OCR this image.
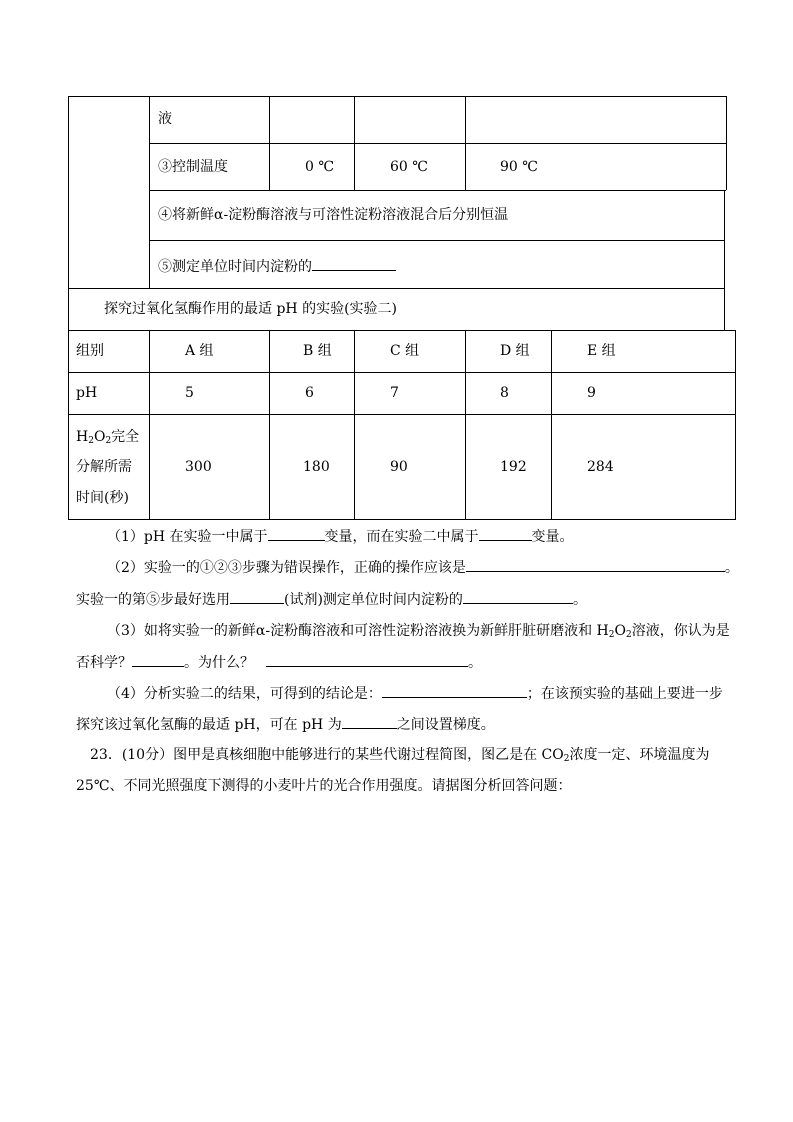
液
③控制温度	0 ℃	60 ℃	90 ℃
④将新鲜α-淀粉酶溶液与可溶性淀粉溶液混合后分别恒温
⑤测定单位时间内淀粉的
探究过氧化氢酶作用的最适 pH 的实验(实验二)
组别	A 组	B 组	C 组	D 组	E 组
pH	5	6	7	8	9
$H_2O_2$完全
分解所需
时间(秒)
300	180	90	192	284
（1）pH 在实验一中属于	变量，而在实验二中属于	变量。
（2）实验一的①②③步骤为错误操作，正确的操作应该是	。
实验一的第⑤步最好选用	(试剂)测定单位时间内淀粉的	。
（3）如将实验一的新鲜α-淀粉酶溶液和可溶性淀粉溶液换为新鲜肝脏研磨液和 $H_2O_2$溶液，你认为是
否科学？	。为什么？	。
（4）分析实验二的结果，可得到的结论是：	；在该预实验的基础上要进一步
探究该过氧化氢酶的最适 pH，可在 pH 为	之间设置梯度。
23．(10分）图甲是真核细胞中能够进行的某些代谢过程简图，图乙是在 $CO_2$浓度一定、环境温度为
25℃、不同光照强度下测得的小麦叶片的光合作用强度。请据图分析回答问题：
